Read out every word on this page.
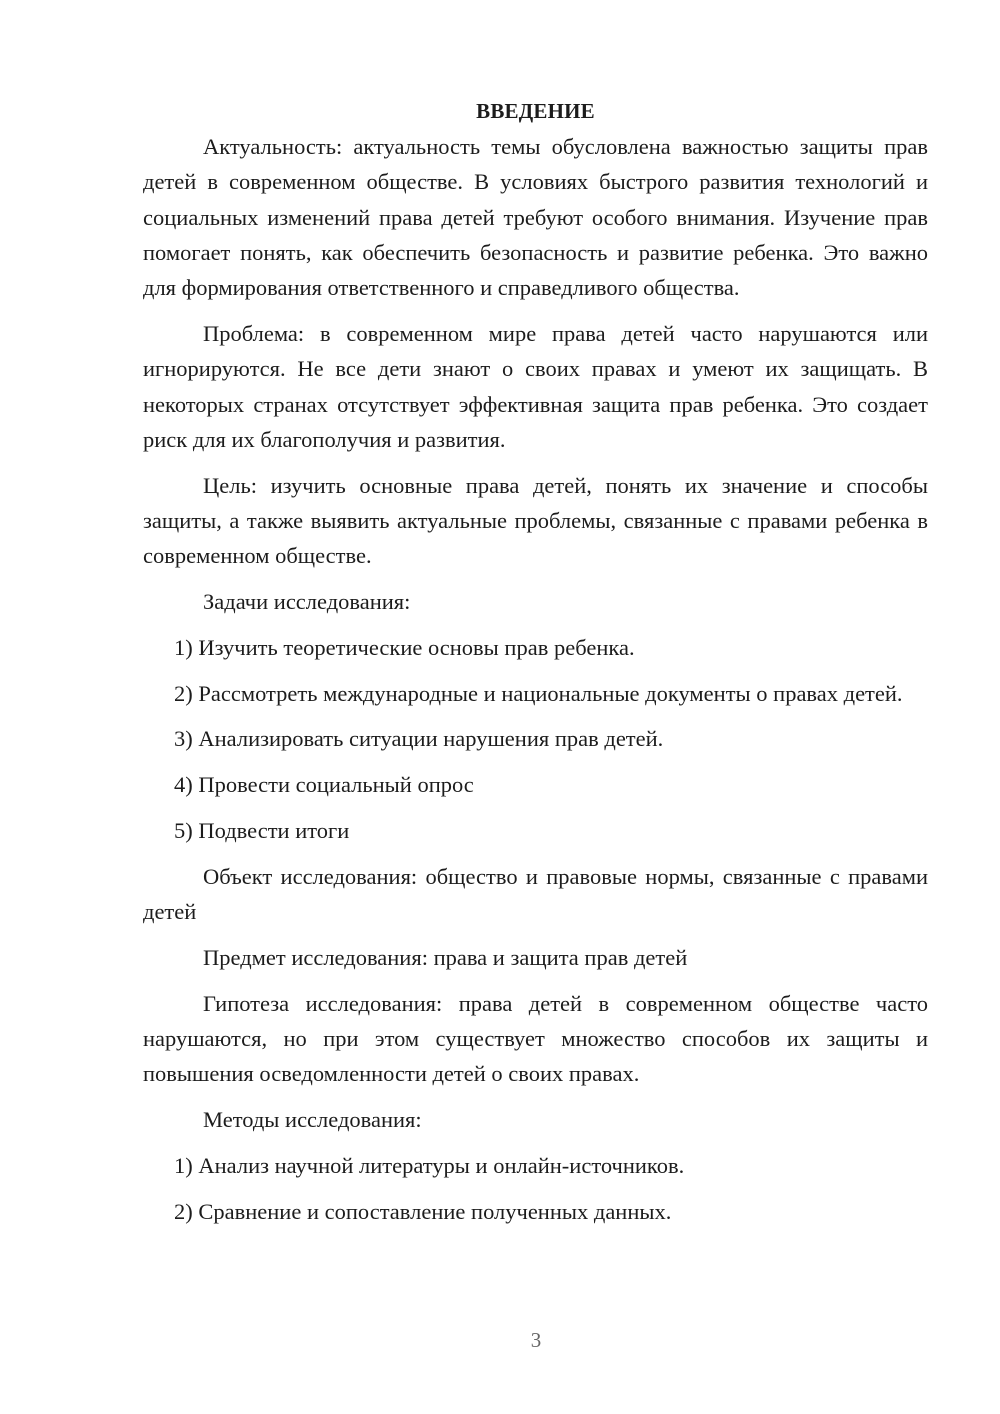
ВВЕДЕНИЕ

Актуальность: актуальность темы обусловлена важностью защиты прав детей в современном обществе. В условиях быстрого развития технологий и социальных изменений права детей требуют особого внимания. Изучение прав помогает понять, как обеспечить безопасность и развитие ребенка. Это важно для формирования ответственного и справедливого общества.

Проблема: в современном мире права детей часто нарушаются или игнорируются. Не все дети знают о своих правах и умеют их защищать. В некоторых странах отсутствует эффективная защита прав ребенка. Это создает риск для их благополучия и развития.

Цель: изучить основные права детей, понять их значение и способы защиты, а также выявить актуальные проблемы, связанные с правами ребенка в современном обществе.

Задачи исследования:

1) Изучить теоретические основы прав ребенка.

2) Рассмотреть международные и национальные документы о правах детей.

3) Анализировать ситуации нарушения прав детей.

4) Провести социальный опрос

5) Подвести итоги

Объект исследования: общество и правовые нормы, связанные с правами детей

Предмет исследования: права и защита прав детей

Гипотеза исследования: права детей в современном обществе часто нарушаются, но при этом существует множество способов их защиты и повышения осведомленности детей о своих правах.

Методы исследования:

1) Анализ научной литературы и онлайн-источников.

2) Сравнение и сопоставление полученных данных.

3
